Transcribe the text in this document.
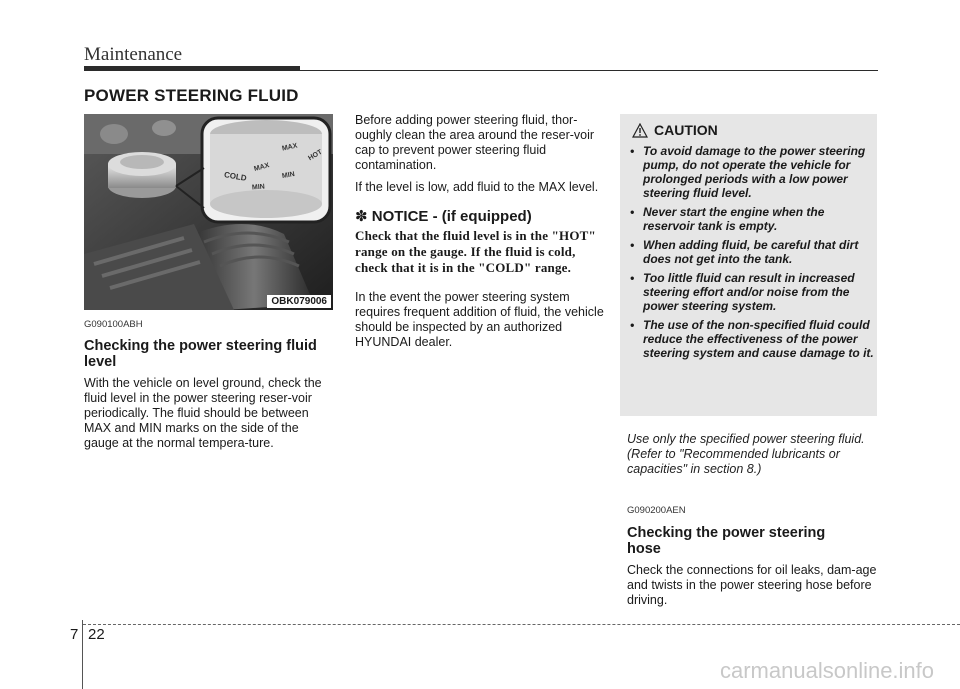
Maintenance
POWER STEERING FLUID
MAX
HOT
MAX
COLD	MIN
MIN
OBK079006

G090100ABH

Checking the power steering fluid level

With the vehicle on level ground, check the fluid level in the power steering reser-voir periodically. The fluid should be between MAX and MIN marks on the side of the gauge at the normal tempera-ture.

Before adding power steering fluid, thor-oughly clean the area around the reser-voir cap to prevent power steering fluid contamination.

If the level is low, add fluid to the MAX level.

✽ NOTICE - (if equipped)

Check that the fluid level is in the "HOT" range on the gauge. If the fluid is cold, check that it is in the "COLD" range.

In the event the power steering system requires frequent addition of fluid, the vehicle should be inspected by an authorized HYUNDAI dealer.

CAUTION
• To avoid damage to the power steering pump, do not operate the vehicle for prolonged periods with a low power steering fluid level.
• Never start the engine when the reservoir tank is empty.
• When adding fluid, be careful that dirt does not get into the tank.
• Too little fluid can result in increased steering effort and/or noise from the power steering system.
• The use of the non-specified fluid could reduce the effectiveness of the power steering system and cause damage to it.

Use only the specified power steering fluid. (Refer to "Recommended lubricants or capacities" in section 8.)

G090200AEN

Checking the power steering hose

Check the connections for oil leaks, dam-age and twists in the power steering hose before driving.

7 22
carmanualsonline.info
